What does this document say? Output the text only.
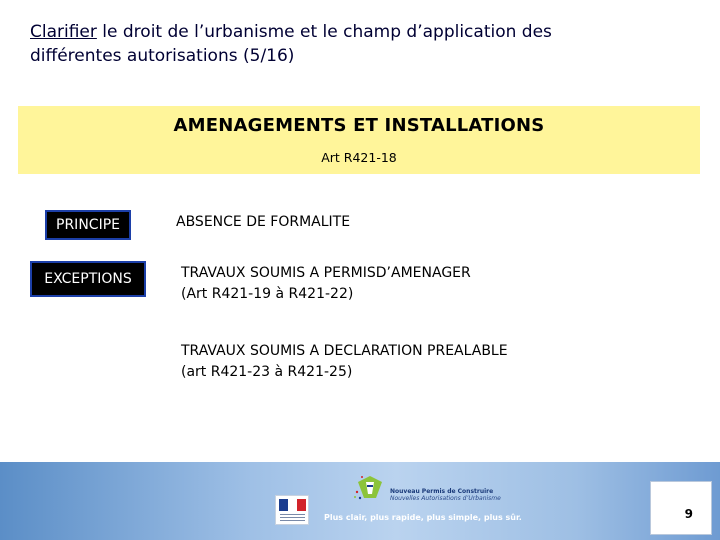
Clarifier le droit de l’urbanisme et le champ d’application des
différentes autorisations (5/16)
AMENAGEMENTS ET INSTALLATIONS
Art R421-18
PRINCIPE	ABSENCE DE FORMALITE
EXCEPTIONS	TRAVAUX SOUMIS A PERMISD’AMENAGER
(Art R421-19 à R421-22)
TRAVAUX SOUMIS A DECLARATION PREALABLE
(art R421-23 à R421-25)
Nouveau Permis de Construire
Nouvelles Autorisations d’Urbanisme
Plus clair, plus rapide, plus simple, plus sûr.	9
